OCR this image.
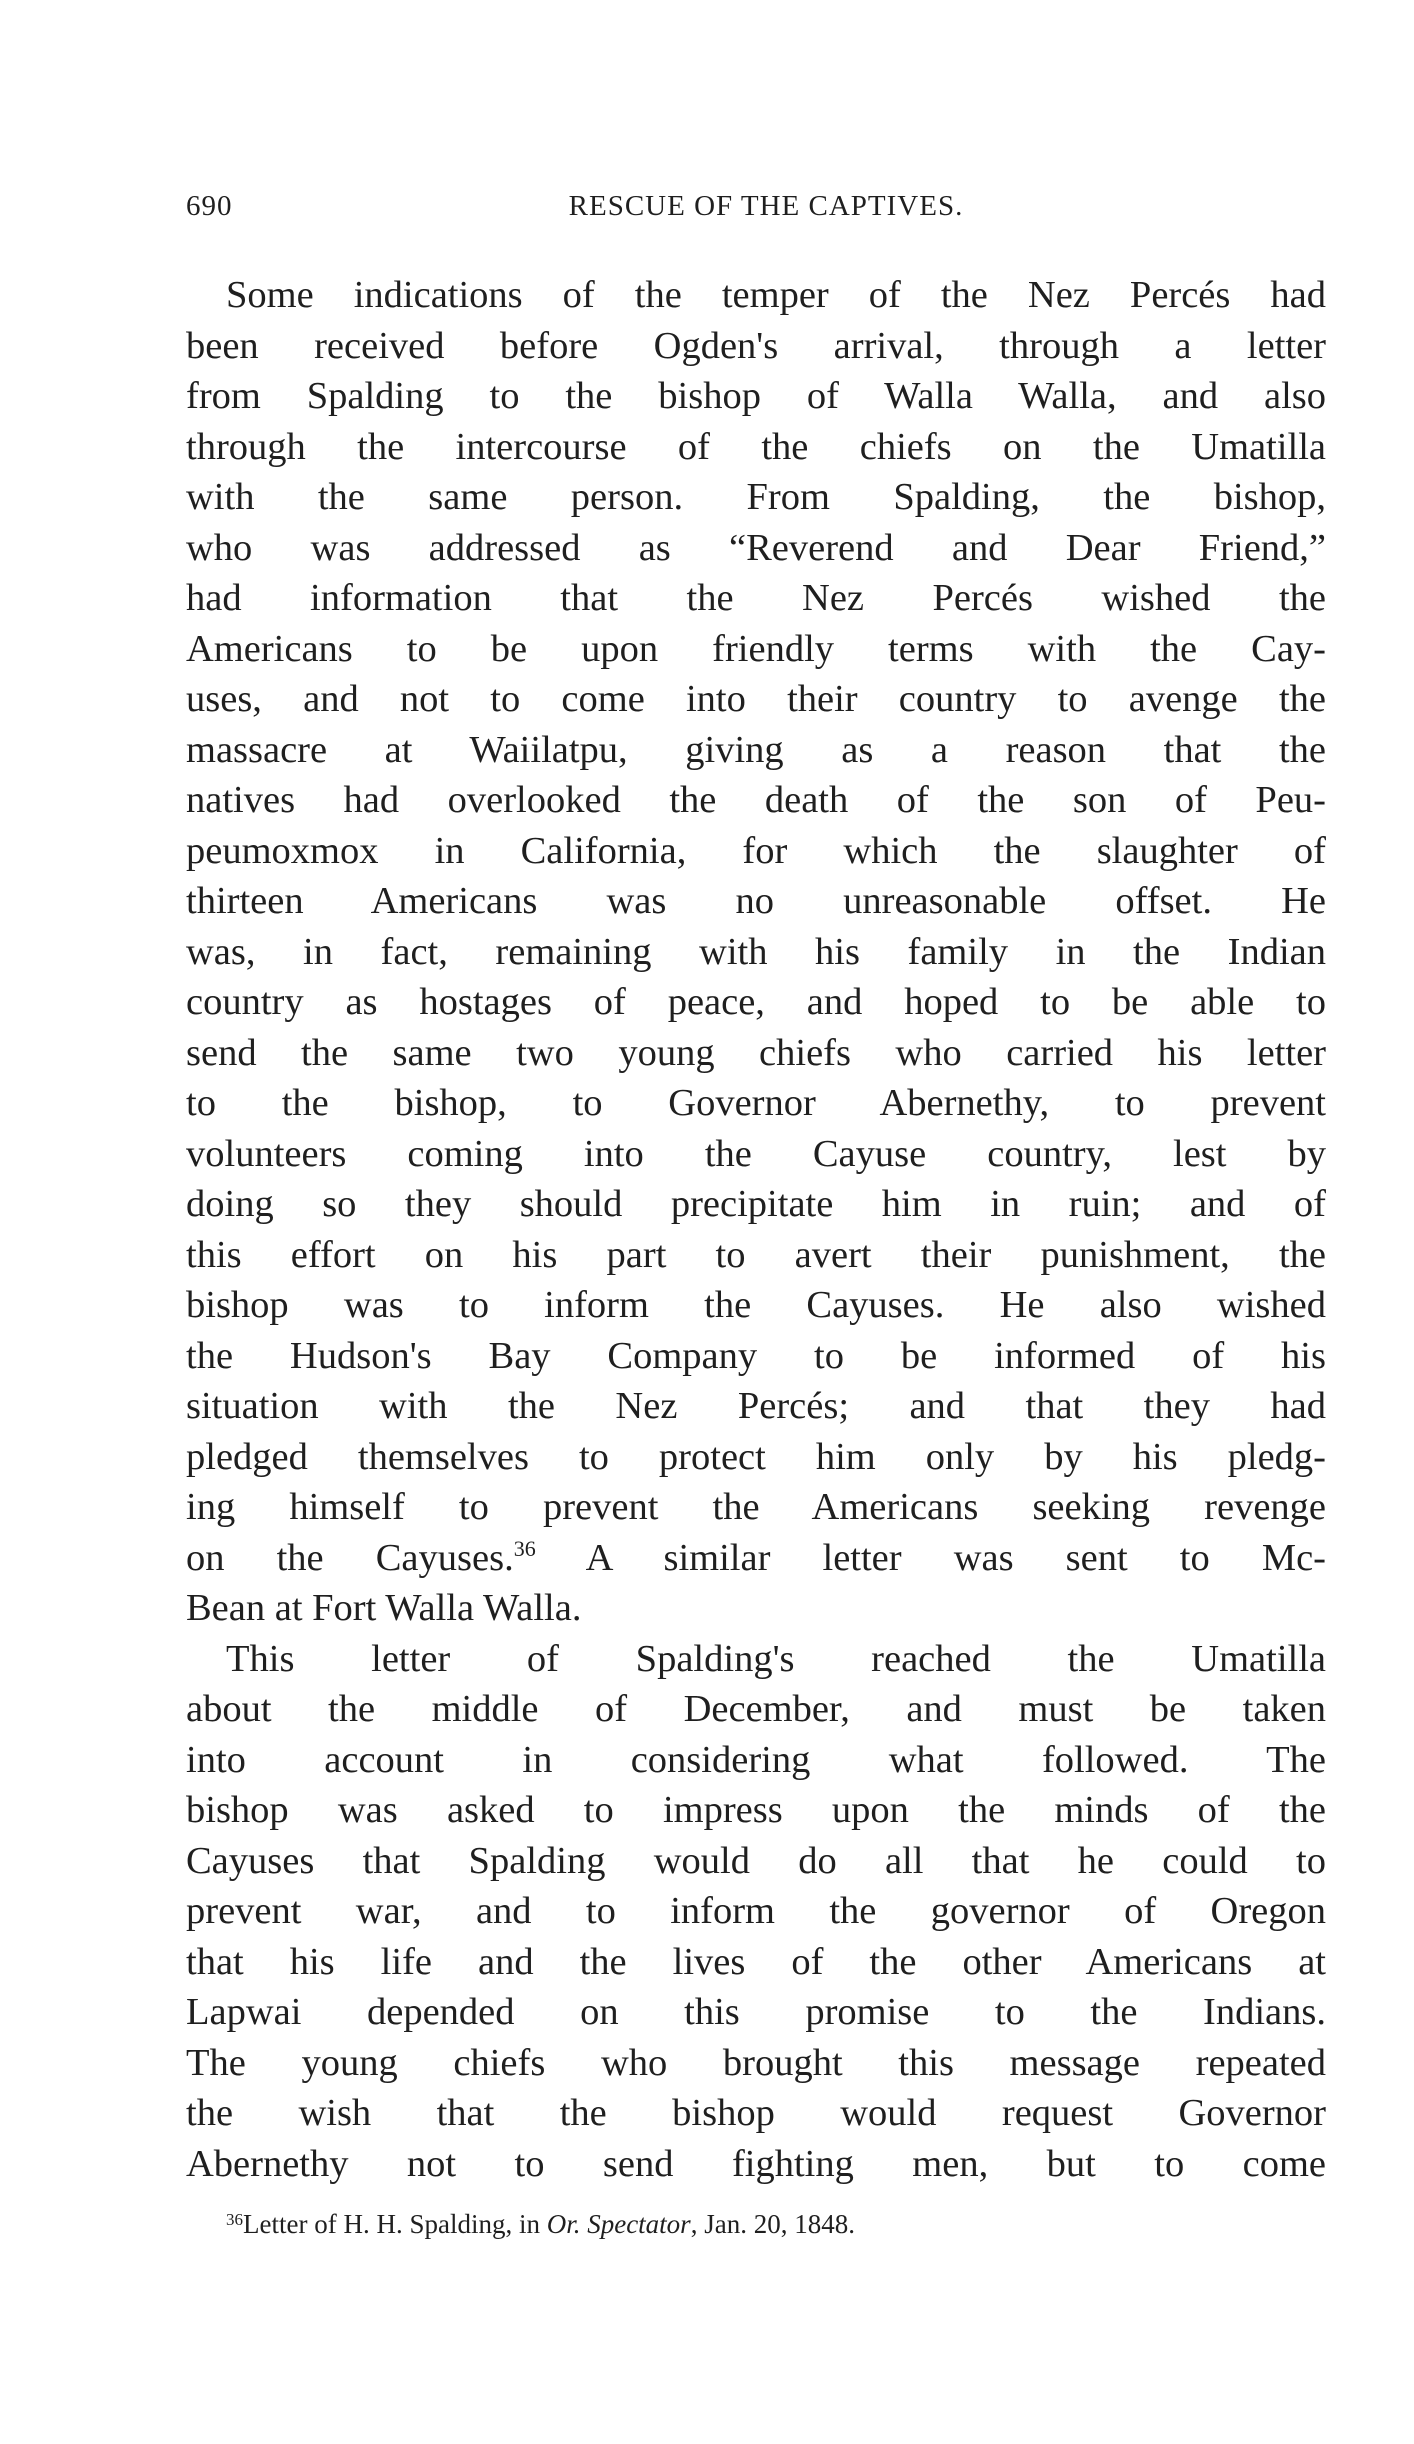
690	RESCUE OF THE CAPTIVES.
Some indications of the temper of the Nez Percés had
been received before Ogden's arrival, through a letter
from Spalding to the bishop of Walla Walla, and also
through the intercourse of the chiefs on the Umatilla
with the same person. From Spalding, the bishop,
who was addressed as “Reverend and Dear Friend,”
had information that the Nez Percés wished the
Americans to be upon friendly terms with the Cay-
uses, and not to come into their country to avenge the
massacre at Waiilatpu, giving as a reason that the
natives had overlooked the death of the son of Peu-
peumoxmox in California, for which the slaughter of
thirteen Americans was no unreasonable offset. He
was, in fact, remaining with his family in the Indian
country as hostages of peace, and hoped to be able to
send the same two young chiefs who carried his letter
to the bishop, to Governor Abernethy, to prevent
volunteers coming into the Cayuse country, lest by
doing so they should precipitate him in ruin; and of
this effort on his part to avert their punishment, the
bishop was to inform the Cayuses. He also wished
the Hudson's Bay Company to be informed of his
situation with the Nez Percés; and that they had
pledged themselves to protect him only by his pledg-
ing himself to prevent the Americans seeking revenge
on the Cayuses.$^{36}$ A similar letter was sent to Mc-
Bean at Fort Walla Walla.
This letter of Spalding's reached the Umatilla
about the middle of December, and must be taken
into account in considering what followed. The
bishop was asked to impress upon the minds of the
Cayuses that Spalding would do all that he could to
prevent war, and to inform the governor of Oregon
that his life and the lives of the other Americans at
Lapwai depended on this promise to the Indians.
The young chiefs who brought this message repeated
the wish that the bishop would request Governor
Abernethy not to send fighting men, but to come
$^{36}$Letter of H. H. Spalding, in Or. Spectator, Jan. 20, 1848.
